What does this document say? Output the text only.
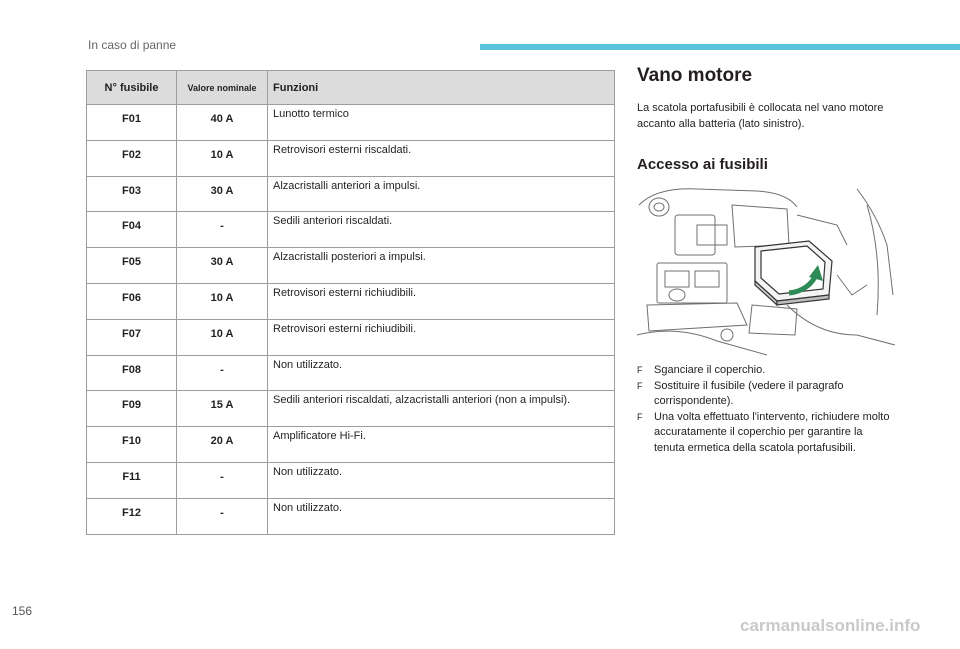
In caso di panne
N° fusibile	Valore nominale	Funzioni
F01	40 A	Lunotto termico
F02	10 A	Retrovisori esterni riscaldati.
F03	30 A	Alzacristalli anteriori a impulsi.
F04	-	Sedili anteriori riscaldati.
F05	30 A	Alzacristalli posteriori a impulsi.
F06	10 A	Retrovisori esterni richiudibili.
F07	10 A	Retrovisori esterni richiudibili.
F08	-	Non utilizzato.
F09	15 A	Sedili anteriori riscaldati, alzacristalli anteriori (non a impulsi).
F10	20 A	Amplificatore Hi-Fi.
F11	-	Non utilizzato.
F12	-	Non utilizzato.
Vano motore
La scatola portafusibili è collocata nel vano motore accanto alla batteria (lato sinistro).
Accesso ai fusibili
F Sganciare il coperchio.
F Sostituire il fusibile (vedere il paragrafo corrispondente).
F Una volta effettuato l'intervento, richiudere molto accuratamente il coperchio per garantire la tenuta ermetica della scatola portafusibili.
156
carmanualsonline.info
